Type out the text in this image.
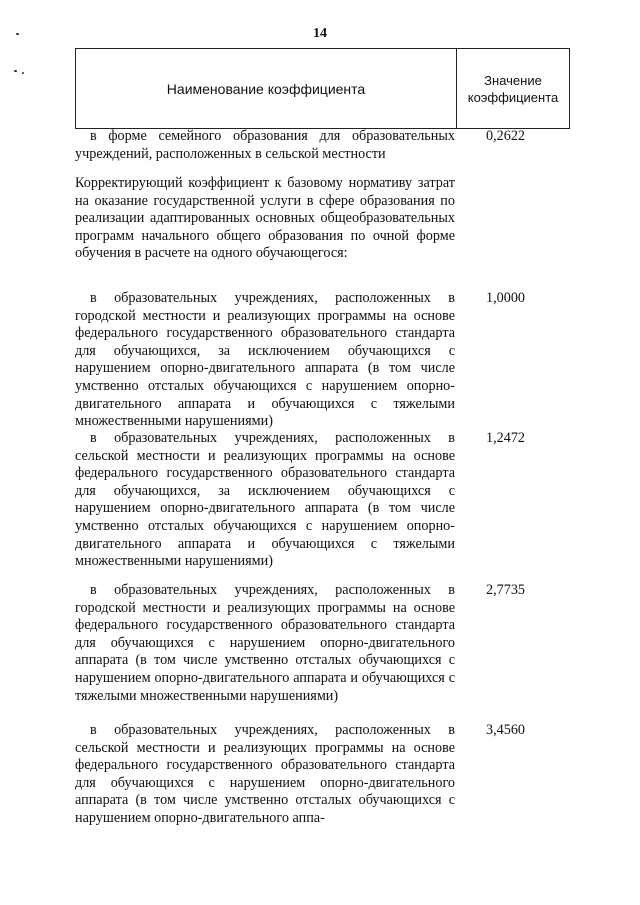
14
Наименование коэффициента
Значение
коэффициента
в форме семейного образования для образовательных учреждений, расположенных в сельской местности
0,2622
Корректирующий коэффициент к базовому нормативу затрат на оказание государственной услуги в сфере образования по реализации адаптированных основных общеобразовательных программ начального общего образования по очной форме обучения в расчете на одного обучающегося:
в образовательных учреждениях, расположенных в городской местности и реализующих программы на основе федерального государственного образовательного стандарта для обучающихся, за исключением обучающихся с нарушением опорно-двигательного аппарата (в том числе умственно отсталых обучающихся с нарушением опорно-двигательного аппарата и обучающихся с тяжелыми множественными нарушениями)
1,0000
в образовательных учреждениях, расположенных в сельской местности и реализующих программы на основе федерального государственного образовательного стандарта для обучающихся, за исключением обучающихся с нарушением опорно-двигательного аппарата (в том числе умственно отсталых обучающихся с нарушением опорно-двигательного аппарата и обучающихся с тяжелыми множественными нарушениями)
1,2472
в образовательных учреждениях, расположенных в городской местности и реализующих программы на основе федерального государственного образовательного стандарта для обучающихся с нарушением опорно-двигательного аппарата (в том числе умственно отсталых обучающихся с нарушением опорно-двигательного аппарата и обучающихся с тяжелыми множественными нарушениями)
2,7735
в образовательных учреждениях, расположенных в сельской местности и реализующих программы на основе федерального государственного образовательного стандарта для обучающихся с нарушением опорно-двигательного аппарата (в том числе умственно отсталых обучающихся с нарушением опорно-двигательного аппа-
3,4560
